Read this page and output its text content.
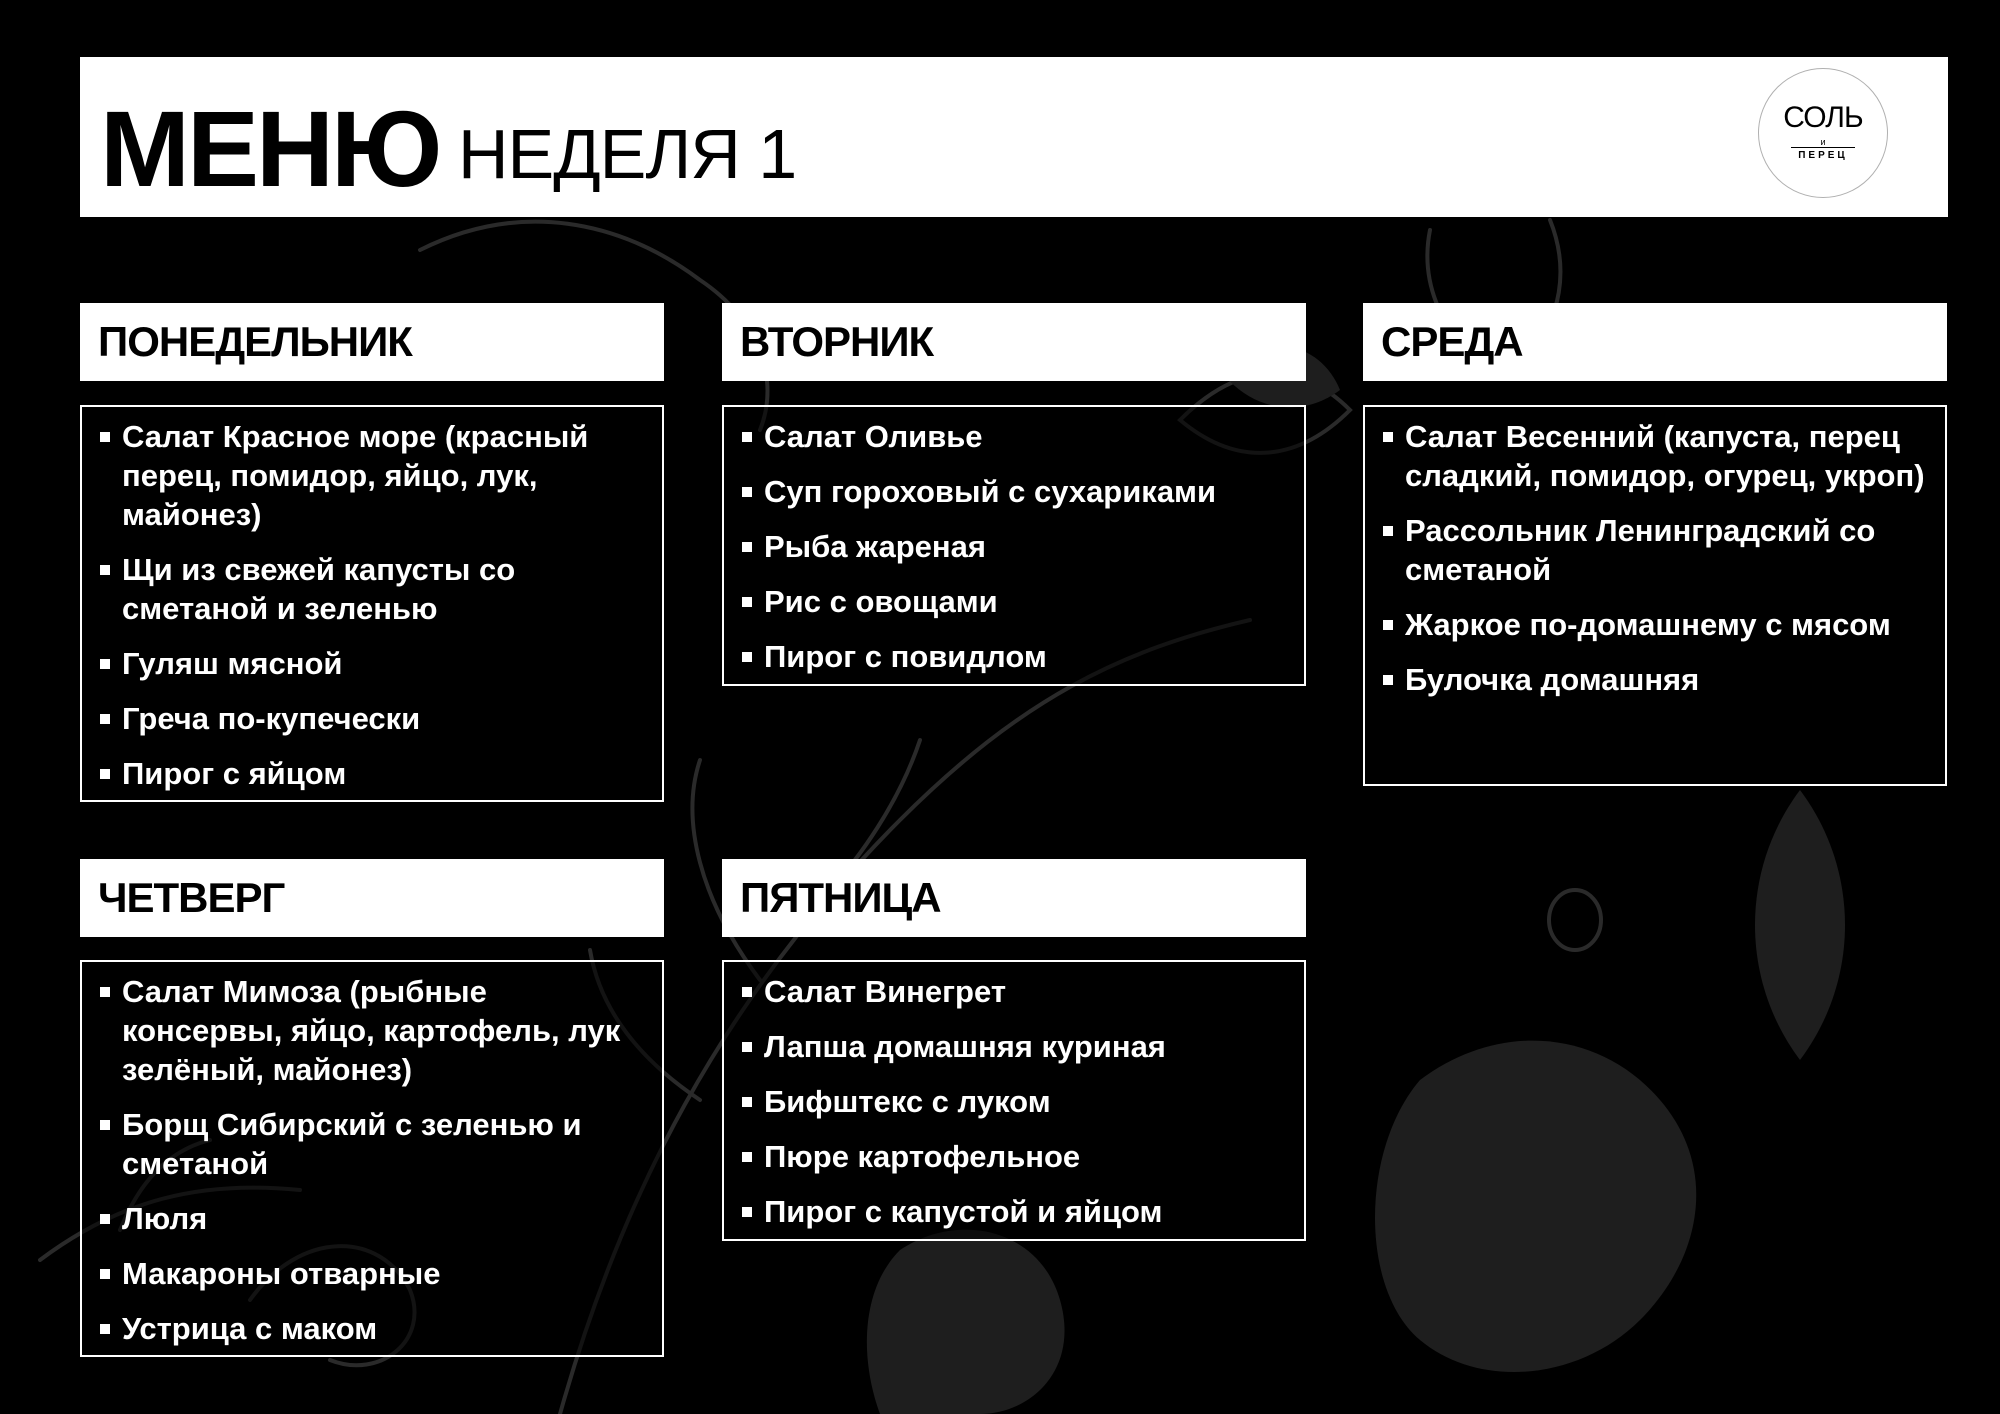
МЕНЮ НЕДЕЛЯ 1	СОЛЬ
и
ПЕРЕЦ
ПОНЕДЕЛЬНИК
Салат Красное море (красный перец, помидор, яйцо, лук, майонез)
Щи из свежей капусты со сметаной и зеленью
Гуляш мясной
Греча по-купечески
Пирог с яйцом
ВТОРНИК
Салат Оливье
Суп гороховый с сухариками
Рыба жареная
Рис с овощами
Пирог с повидлом
СРЕДА
Салат Весенний (капуста, перец сладкий, помидор, огурец, укроп)
Рассольник Ленинградский со сметаной
Жаркое по-домашнему с мясом
Булочка домашняя
ЧЕТВЕРГ
Салат Мимоза (рыбные консервы, яйцо, картофель, лук зелёный, майонез)
Борщ Сибирский с зеленью и сметаной
Люля
Макароны отварные
Устрица с маком
ПЯТНИЦА
Салат Винегрет
Лапша домашняя куриная
Бифштекс с луком
Пюре картофельное
Пирог с капустой и яйцом
